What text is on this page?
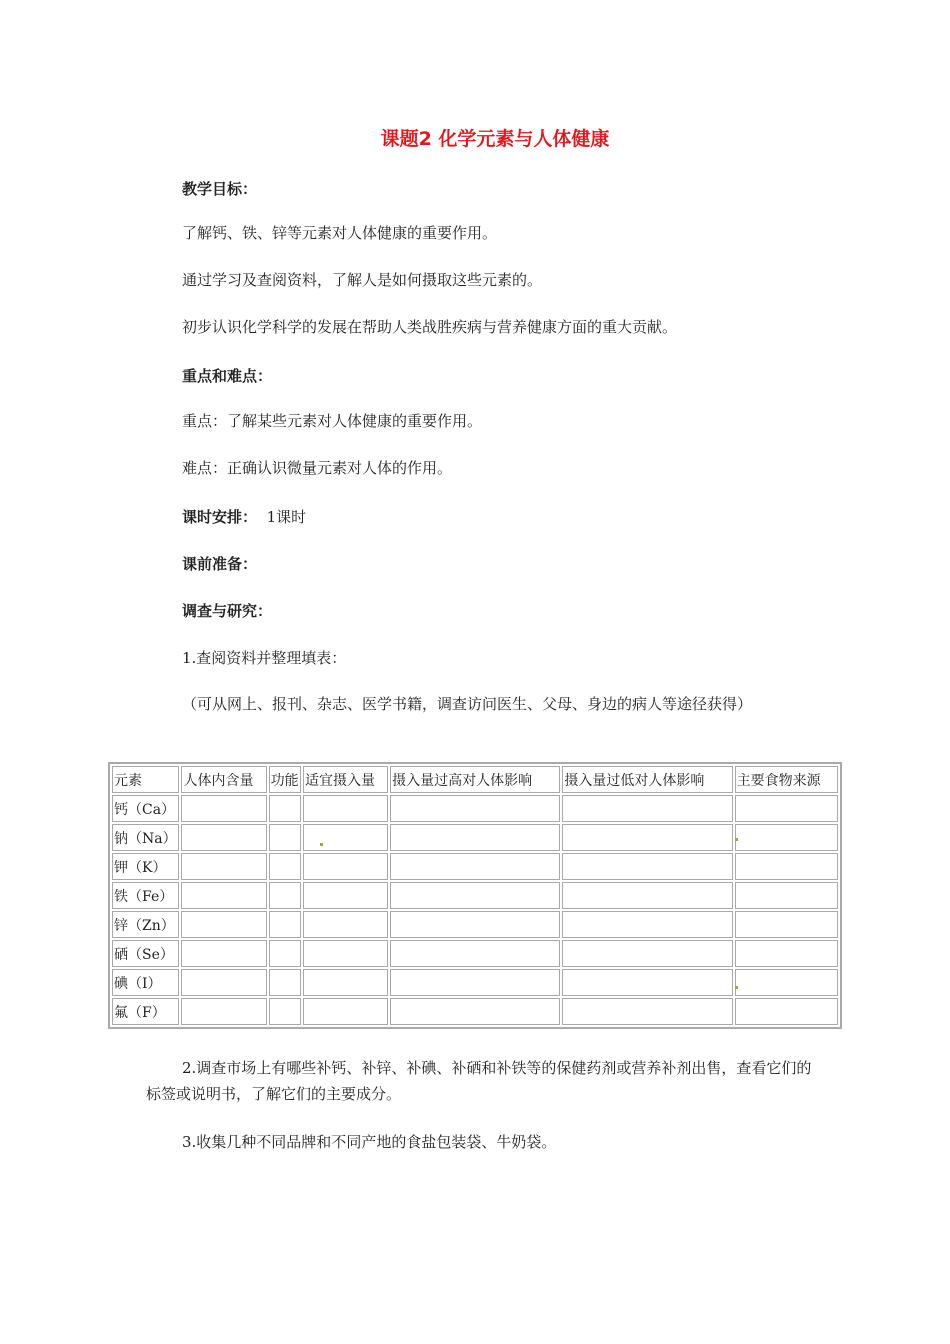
课题2 化学元素与人体健康
教学目标：
了解钙、铁、锌等元素对人体健康的重要作用。
通过学习及查阅资料，了解人是如何摄取这些元素的。
初步认识化学科学的发展在帮助人类战胜疾病与营养健康方面的重大贡献。
重点和难点：
重点：了解某些元素对人体健康的重要作用。
难点：正确认识微量元素对人体的作用。
课时安排： 1课时
课前准备：
调查与研究：
1.查阅资料并整理填表：
（可从网上、报刊、杂志、医学书籍，调查访问医生、父母、身边的病人等途径获得）
元素	人体内含量	功能	适宜摄入量	摄入量过高对人体影响	摄入量过低对人体影响	主要食物来源
钙（Ca）						
钠（Na）						
钾（K）						
铁（Fe）						
锌（Zn）						
硒（Se）						
碘（I）						
氟（F）						
2.调查市场上有哪些补钙、补锌、补碘、补硒和补铁等的保健药剂或营养补剂出售，查看它们的标签或说明书，了解它们的主要成分。
3.收集几种不同品牌和不同产地的食盐包装袋、牛奶袋。
